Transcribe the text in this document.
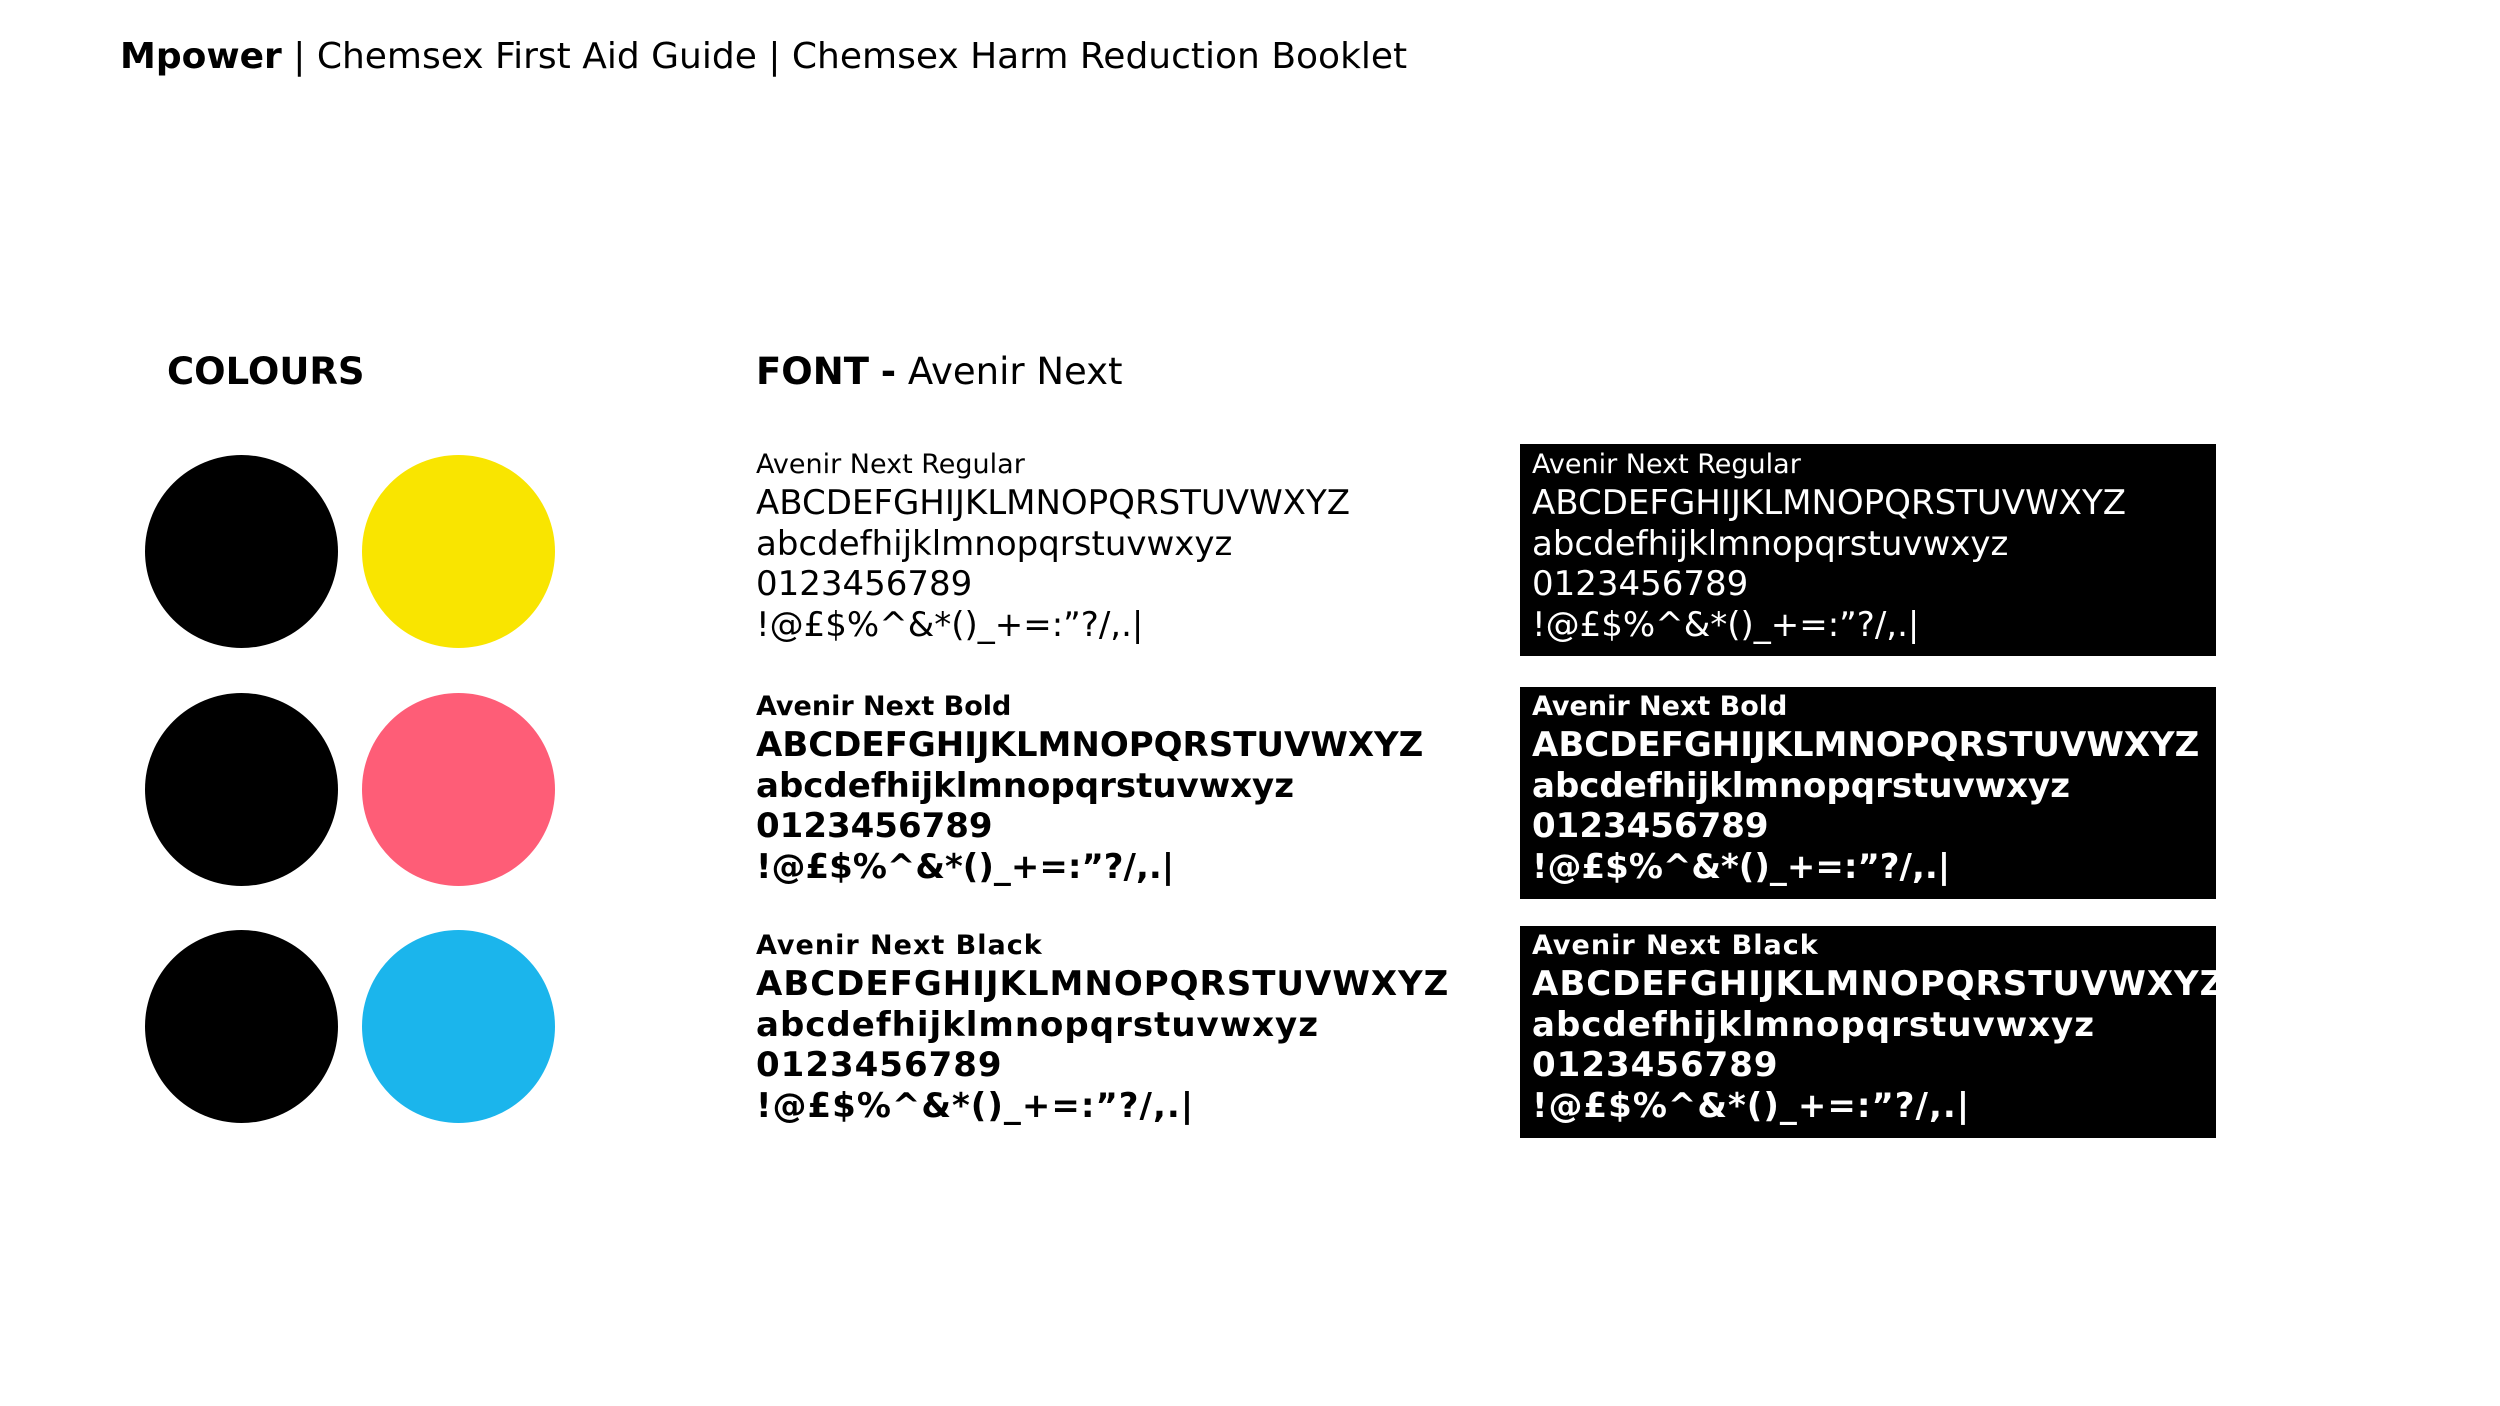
Mpower | Chemsex First Aid Guide | Chemsex Harm Reduction Booklet
COLOURS	FONT - Avenir Next
Avenir Next Regular
ABCDEFGHIJKLMNOPQRSTUVWXYZ
abcdefhijklmnopqrstuvwxyz
0123456789
!@£$%^&*()_+=:”?/,.|
Avenir Next Bold
ABCDEFGHIJKLMNOPQRSTUVWXYZ
abcdefhijklmnopqrstuvwxyz
0123456789
!@£$%^&*()_+=:”?/,.|
Avenir Next Black
ABCDEFGHIJKLMNOPQRSTUVWXYZ
abcdefhijklmnopqrstuvwxyz
0123456789
!@£$%^&*()_+=:”?/,.|
Avenir Next Regular
ABCDEFGHIJKLMNOPQRSTUVWXYZ
abcdefhijklmnopqrstuvwxyz
0123456789
!@£$%^&*()_+=:”?/,.|
Avenir Next Bold
ABCDEFGHIJKLMNOPQRSTUVWXYZ
abcdefhijklmnopqrstuvwxyz
0123456789
!@£$%^&*()_+=:”?/,.|
Avenir Next Black
ABCDEFGHIJKLMNOPQRSTUVWXYZ
abcdefhijklmnopqrstuvwxyz
0123456789
!@£$%^&*()_+=:”?/,.|
